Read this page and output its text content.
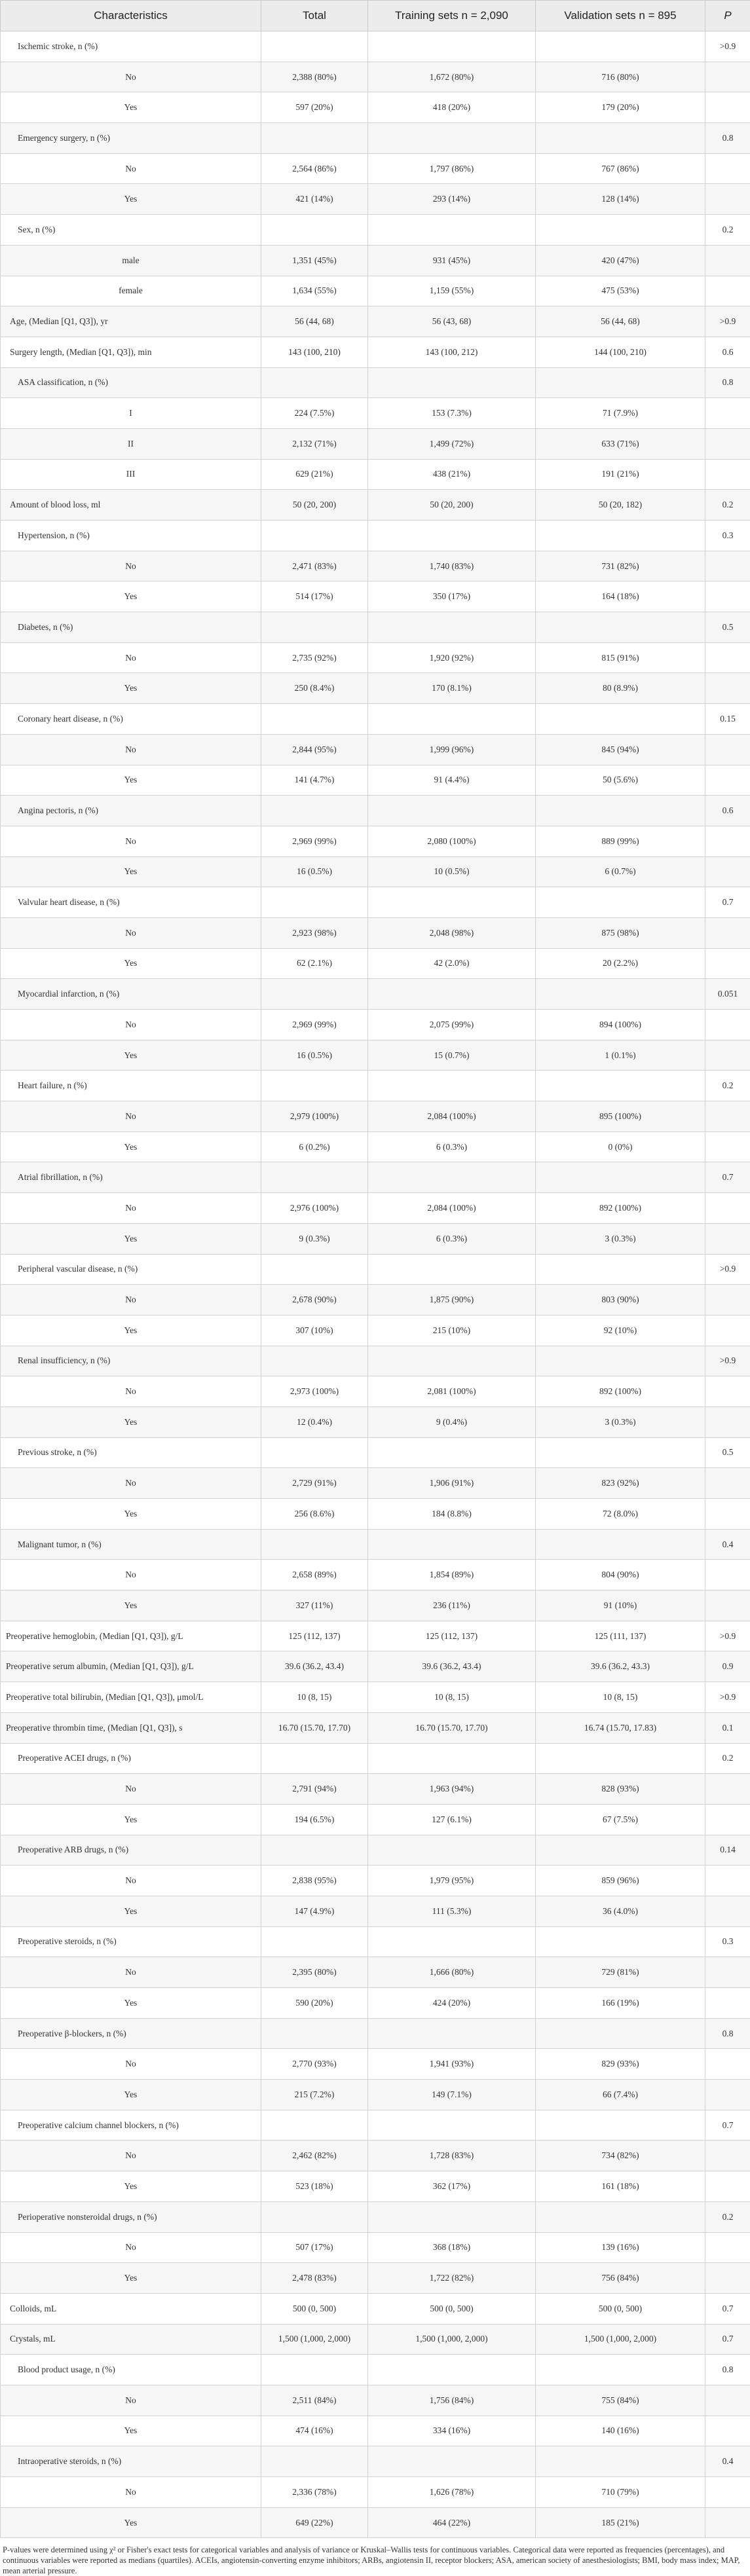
Characteristics	Total	Training sets n = 2,090	Validation sets n = 895	P
Ischemic stroke, n (%)				>0.9
No	2,388 (80%)	1,672 (80%)	716 (80%)	
Yes	597 (20%)	418 (20%)	179 (20%)	
Emergency surgery, n (%)				0.8
No	2,564 (86%)	1,797 (86%)	767 (86%)	
Yes	421 (14%)	293 (14%)	128 (14%)	
Sex, n (%)				0.2
male	1,351 (45%)	931 (45%)	420 (47%)	
female	1,634 (55%)	1,159 (55%)	475 (53%)	
Age, (Median [Q1, Q3]), yr	56 (44, 68)	56 (43, 68)	56 (44, 68)	>0.9
Surgery length, (Median [Q1, Q3]), min	143 (100, 210)	143 (100, 212)	144 (100, 210)	0.6
ASA classification, n (%)				0.8
I	224 (7.5%)	153 (7.3%)	71 (7.9%)	
II	2,132 (71%)	1,499 (72%)	633 (71%)	
III	629 (21%)	438 (21%)	191 (21%)	
Amount of blood loss, ml	50 (20, 200)	50 (20, 200)	50 (20, 182)	0.2
Hypertension, n (%)				0.3
No	2,471 (83%)	1,740 (83%)	731 (82%)	
Yes	514 (17%)	350 (17%)	164 (18%)	
Diabetes, n (%)				0.5
No	2,735 (92%)	1,920 (92%)	815 (91%)	
Yes	250 (8.4%)	170 (8.1%)	80 (8.9%)	
Coronary heart disease, n (%)				0.15
No	2,844 (95%)	1,999 (96%)	845 (94%)	
Yes	141 (4.7%)	91 (4.4%)	50 (5.6%)	
Angina pectoris, n (%)				0.6
No	2,969 (99%)	2,080 (100%)	889 (99%)	
Yes	16 (0.5%)	10 (0.5%)	6 (0.7%)	
Valvular heart disease, n (%)				0.7
No	2,923 (98%)	2,048 (98%)	875 (98%)	
Yes	62 (2.1%)	42 (2.0%)	20 (2.2%)	
Myocardial infarction, n (%)				0.051
No	2,969 (99%)	2,075 (99%)	894 (100%)	
Yes	16 (0.5%)	15 (0.7%)	1 (0.1%)	
Heart failure, n (%)				0.2
No	2,979 (100%)	2,084 (100%)	895 (100%)	
Yes	6 (0.2%)	6 (0.3%)	0 (0%)	
Atrial fibrillation, n (%)				0.7
No	2,976 (100%)	2,084 (100%)	892 (100%)	
Yes	9 (0.3%)	6 (0.3%)	3 (0.3%)	
Peripheral vascular disease, n (%)				>0.9
No	2,678 (90%)	1,875 (90%)	803 (90%)	
Yes	307 (10%)	215 (10%)	92 (10%)	
Renal insufficiency, n (%)				>0.9
No	2,973 (100%)	2,081 (100%)	892 (100%)	
Yes	12 (0.4%)	9 (0.4%)	3 (0.3%)	
Previous stroke, n (%)				0.5
No	2,729 (91%)	1,906 (91%)	823 (92%)	
Yes	256 (8.6%)	184 (8.8%)	72 (8.0%)	
Malignant tumor, n (%)				0.4
No	2,658 (89%)	1,854 (89%)	804 (90%)	
Yes	327 (11%)	236 (11%)	91 (10%)	
Preoperative hemoglobin, (Median [Q1, Q3]), g/L	125 (112, 137)	125 (112, 137)	125 (111, 137)	>0.9
Preoperative serum albumin, (Median [Q1, Q3]), g/L	39.6 (36.2, 43.4)	39.6 (36.2, 43.4)	39.6 (36.2, 43.3)	0.9
Preoperative total bilirubin, (Median [Q1, Q3]), μmol/L	10 (8, 15)	10 (8, 15)	10 (8, 15)	>0.9
Preoperative thrombin time, (Median [Q1, Q3]), s	16.70 (15.70, 17.70)	16.70 (15.70, 17.70)	16.74 (15.70, 17.83)	0.1
Preoperative ACEI drugs, n (%)				0.2
No	2,791 (94%)	1,963 (94%)	828 (93%)	
Yes	194 (6.5%)	127 (6.1%)	67 (7.5%)	
Preoperative ARB drugs, n (%)				0.14
No	2,838 (95%)	1,979 (95%)	859 (96%)	
Yes	147 (4.9%)	111 (5.3%)	36 (4.0%)	
Preoperative steroids, n (%)				0.3
No	2,395 (80%)	1,666 (80%)	729 (81%)	
Yes	590 (20%)	424 (20%)	166 (19%)	
Preoperative β-blockers, n (%)				0.8
No	2,770 (93%)	1,941 (93%)	829 (93%)	
Yes	215 (7.2%)	149 (7.1%)	66 (7.4%)	
Preoperative calcium channel blockers, n (%)				0.7
No	2,462 (82%)	1,728 (83%)	734 (82%)	
Yes	523 (18%)	362 (17%)	161 (18%)	
Perioperative nonsteroidal drugs, n (%)				0.2
No	507 (17%)	368 (18%)	139 (16%)	
Yes	2,478 (83%)	1,722 (82%)	756 (84%)	
Colloids, mL	500 (0, 500)	500 (0, 500)	500 (0, 500)	0.7
Crystals, mL	1,500 (1,000, 2,000)	1,500 (1,000, 2,000)	1,500 (1,000, 2,000)	0.7
Blood product usage, n (%)				0.8
No	2,511 (84%)	1,756 (84%)	755 (84%)	
Yes	474 (16%)	334 (16%)	140 (16%)	
Intraoperative steroids, n (%)				0.4
No	2,336 (78%)	1,626 (78%)	710 (79%)	
Yes	649 (22%)	464 (22%)	185 (21%)	
P-values were determined using χ² or Fisher's exact tests for categorical variables and analysis of variance or Kruskal–Wallis tests for continuous variables. Categorical data were reported as frequencies (percentages), and continuous variables were reported as medians (quartiles). ACEIs, angiotensin-converting enzyme inhibitors; ARBs, angiotensin II, receptor blockers; ASA, american society of anesthesiologists; BMI, body mass index; MAP, mean arterial pressure.
